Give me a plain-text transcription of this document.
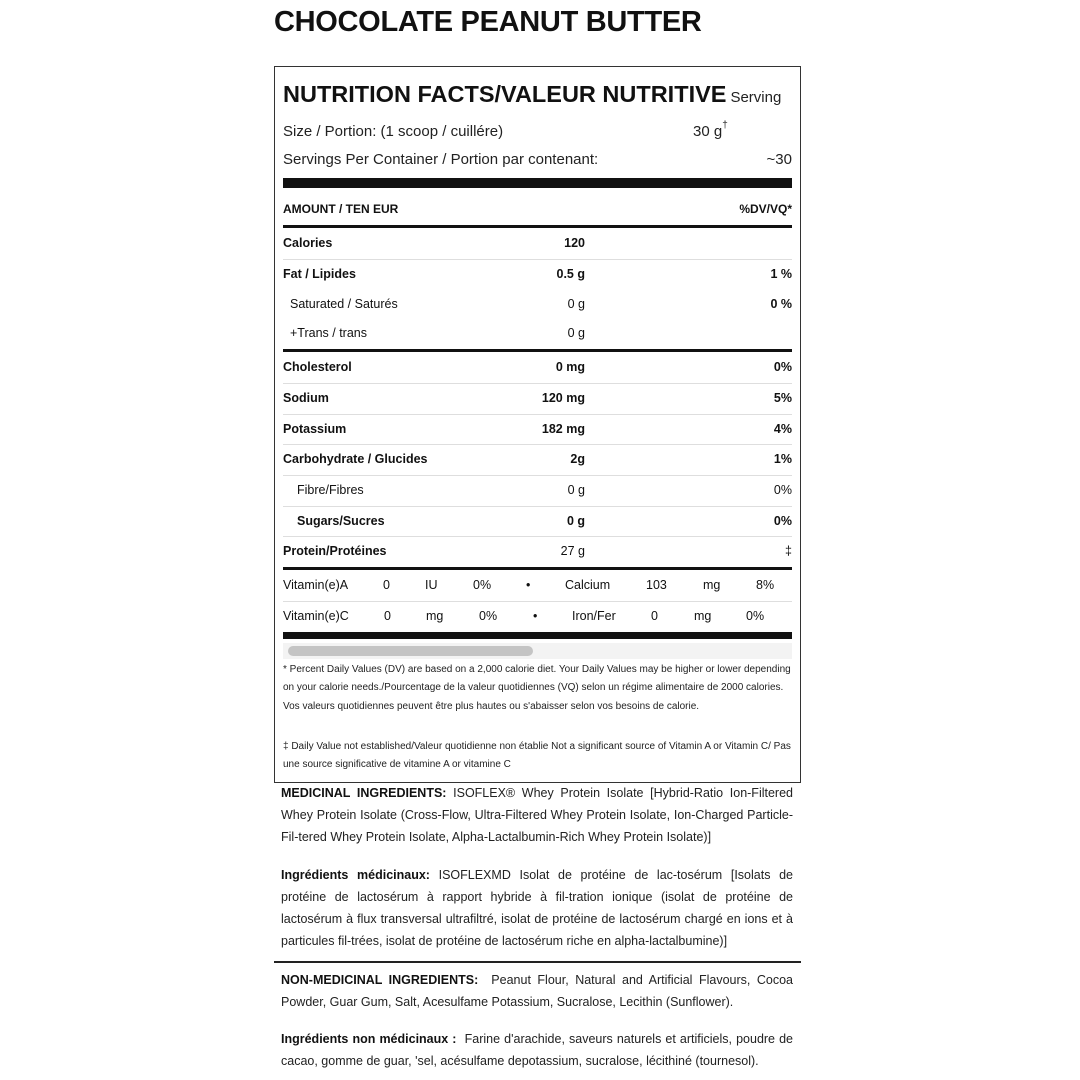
CHOCOLATE PEANUT BUTTER
NUTRITION FACTS/VALEUR NUTRITIVE Serving
Size / Portion: (1 scoop / cuillére)	30 g†
Servings Per Container / Portion par contenant:	~30
AMOUNT / TEN EUR	%DV/VQ*
Calories	120
Fat / Lipides	0.5 g	1 %
Saturated / Saturés	0 g	0 %
+Trans / trans	0 g
Cholesterol	0 mg	0%
Sodium	120 mg	5%
Potassium	182 mg	4%
Carbohydrate / Glucides	2g	1%
Fibre/Fibres	0 g	0%
Sugars/Sucres	0 g	0%
Protein/Protéines	27 g	‡
Vitamin(e)A	0	IU	0%	•	Calcium	103	mg	8%
Vitamin(e)C	0	mg	0%	•	Iron/Fer	0	mg	0%
* Percent Daily Values (DV) are based on a 2,000 calorie diet. Your Daily Values may be higher or lower depending on your calorie needs./Pourcentage de la valeur quotidiennes (VQ) selon un régime alimentaire de 2000 calories. Vos valeurs quotidiennes peuvent être plus hautes ou s'abaisser selon vos besoins de calorie.
‡ Daily Value not established/Valeur quotidienne non établie Not a significant source of Vitamin A or Vitamin C/ Pas une source significative de vitamine A or vitamine C
MEDICINAL INGREDIENTS: ISOFLEX® Whey Protein Isolate [Hybrid-Ratio Ion-Filtered Whey Protein Isolate (Cross-Flow, Ultra-Filtered Whey Protein Isolate, Ion-Charged Particle-Fil-tered Whey Protein Isolate, Alpha-Lactalbumin-Rich Whey Protein Isolate)]
Ingrédients médicinaux: ISOFLEXMD Isolat de protéine de lac-tosérum [Isolats de protéine de lactosérum à rapport hybride à fil-tration ionique (isolat de protéine de lactosérum à flux transversal ultrafiltré, isolat de protéine de lactosérum chargé en ions et à particules fil-trées, isolat de protéine de lactosérum riche en alpha-lactalbumine)]
NON-MEDICINAL INGREDIENTS: Peanut Flour, Natural and Artificial Flavours, Cocoa Powder, Guar Gum, Salt, Acesulfame Potassium, Sucralose, Lecithin (Sunflower).
Ingrédients non médicinaux : Farine d'arachide, saveurs naturels et artificiels, poudre de cacao, gomme de guar, 'sel, acésulfame depotassium, sucralose, lécithiné (tournesol).
